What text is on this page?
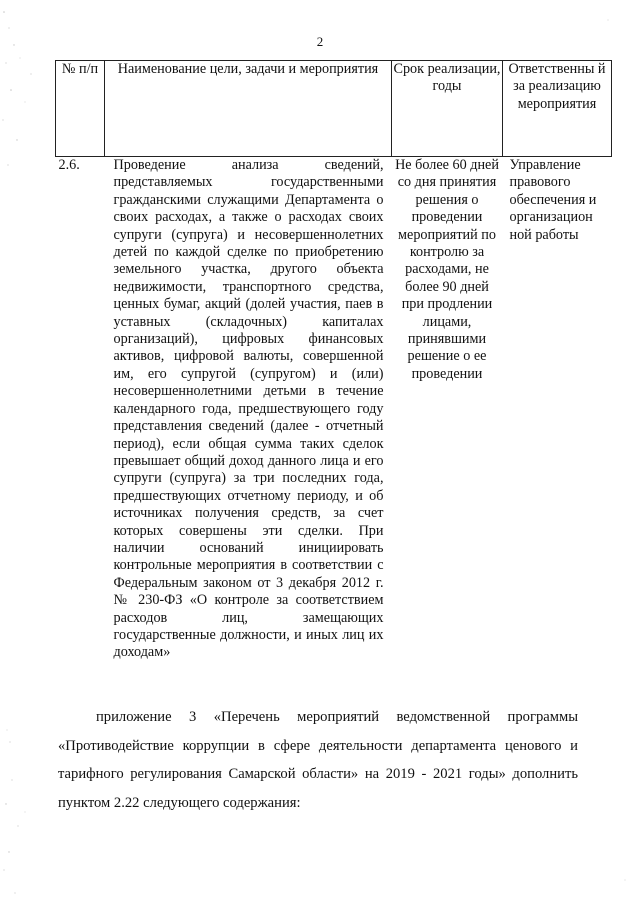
2
№ п/п	Наименование цели, задачи и мероприятия	Срок реализации, годы	Ответственны й за реализацию мероприятия
2.6.	Проведение анализа сведений, представляемых государственными гражданскими служащими Департамента о своих расходах, а также о расходах своих супруги (супруга) и несовершеннолетних детей по каждой сделке по приобретению земельного участка, другого объекта недвижимости, транспортного средства, ценных бумаг, акций (долей участия, паев в уставных (складочных) капиталах организаций), цифровых финансовых активов, цифровой валюты, совершенной им, его супругой (супругом) и (или) несовершеннолетними детьми в течение календарного года, предшествующего году представления сведений (далее - отчетный период), если общая сумма таких сделок превышает общий доход данного лица и его супруги (супруга) за три последних года, предшествующих отчетному периоду, и об источниках получения средств, за счет которых совершены эти сделки. При наличии оснований инициировать контрольные мероприятия в соответствии с Федеральным законом от 3 декабря 2012 г. № 230-ФЗ «О контроле за соответствием расходов лиц, замещающих государственные должности, и иных лиц их доходам»	Не более 60 дней со дня принятия решения о проведении мероприятий по контролю за расходами, не более 90 дней при продлении лицами, принявшими решение о ее проведении	Управление правового обеспечения и организацион ной работы
приложение 3 «Перечень мероприятий ведомственной программы «Противодействие коррупции в сфере деятельности департамента ценового и тарифного регулирования Самарской области» на 2019 - 2021 годы» дополнить пунктом 2.22 следующего содержания:
